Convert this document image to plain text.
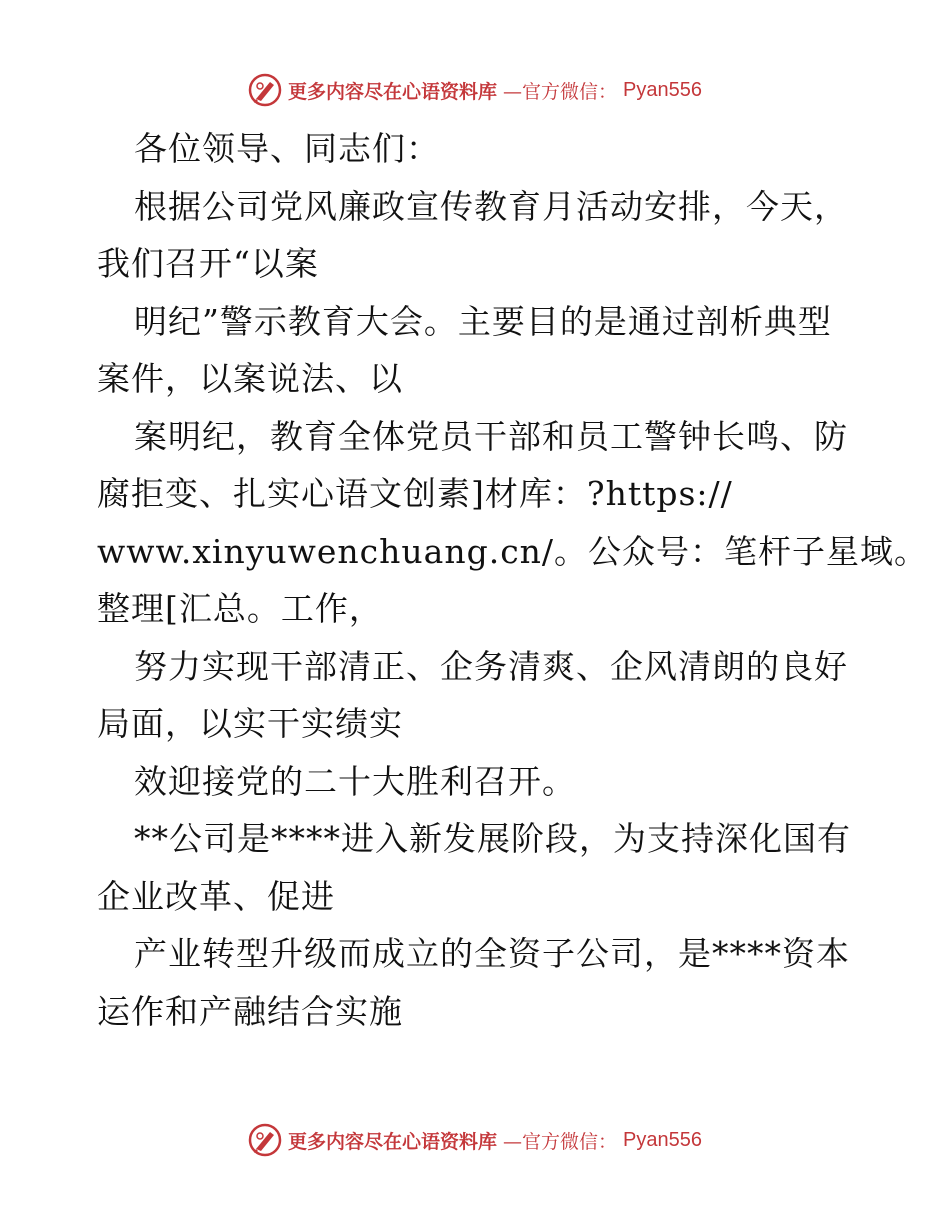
更多内容尽在心语资料库 —官方微信： Pyan556
各位领导、同志们：
根据公司党风廉政宣传教育月活动安排，今天，
我们召开“以案
明纪”警示教育大会。主要目的是通过剖析典型
案件，以案说法、以
案明纪，教育全体党员干部和员工警钟长鸣、防
腐拒变、扎实心语文创素]材库：?https://
www.xinyuwenchuang.cn/。公众号：笔杆子星域。
整理[汇总。工作，
努力实现干部清正、企务清爽、企风清朗的良好
局面，以实干实绩实
效迎接党的二十大胜利召开。
**公司是****进入新发展阶段，为支持深化国有
企业改革、促进
产业转型升级而成立的全资子公司，是****资本
运作和产融结合实施
更多内容尽在心语资料库 —官方微信： Pyan556
